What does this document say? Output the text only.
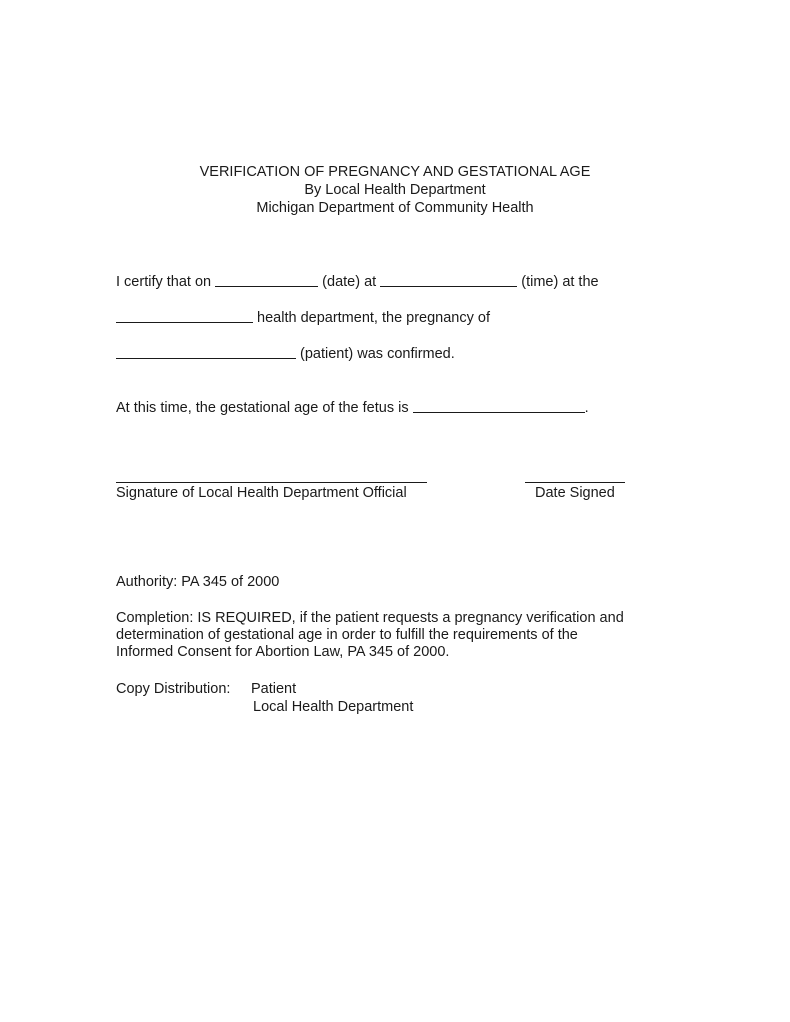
VERIFICATION OF PREGNANCY AND GESTATIONAL AGE
By Local Health Department
Michigan Department of Community Health
I certify that on	(date) at	(time) at the
health department, the pregnancy of
(patient) was confirmed.
At this time, the gestational age of the fetus is	.
Signature of Local Health Department Official	Date Signed
Authority: PA 345 of 2000
Completion: IS REQUIRED, if the patient requests a pregnancy verification and
determination of gestational age in order to fulfill the requirements of the
Informed Consent for Abortion Law, PA 345 of 2000.
Copy Distribution: Patient
Local Health Department
